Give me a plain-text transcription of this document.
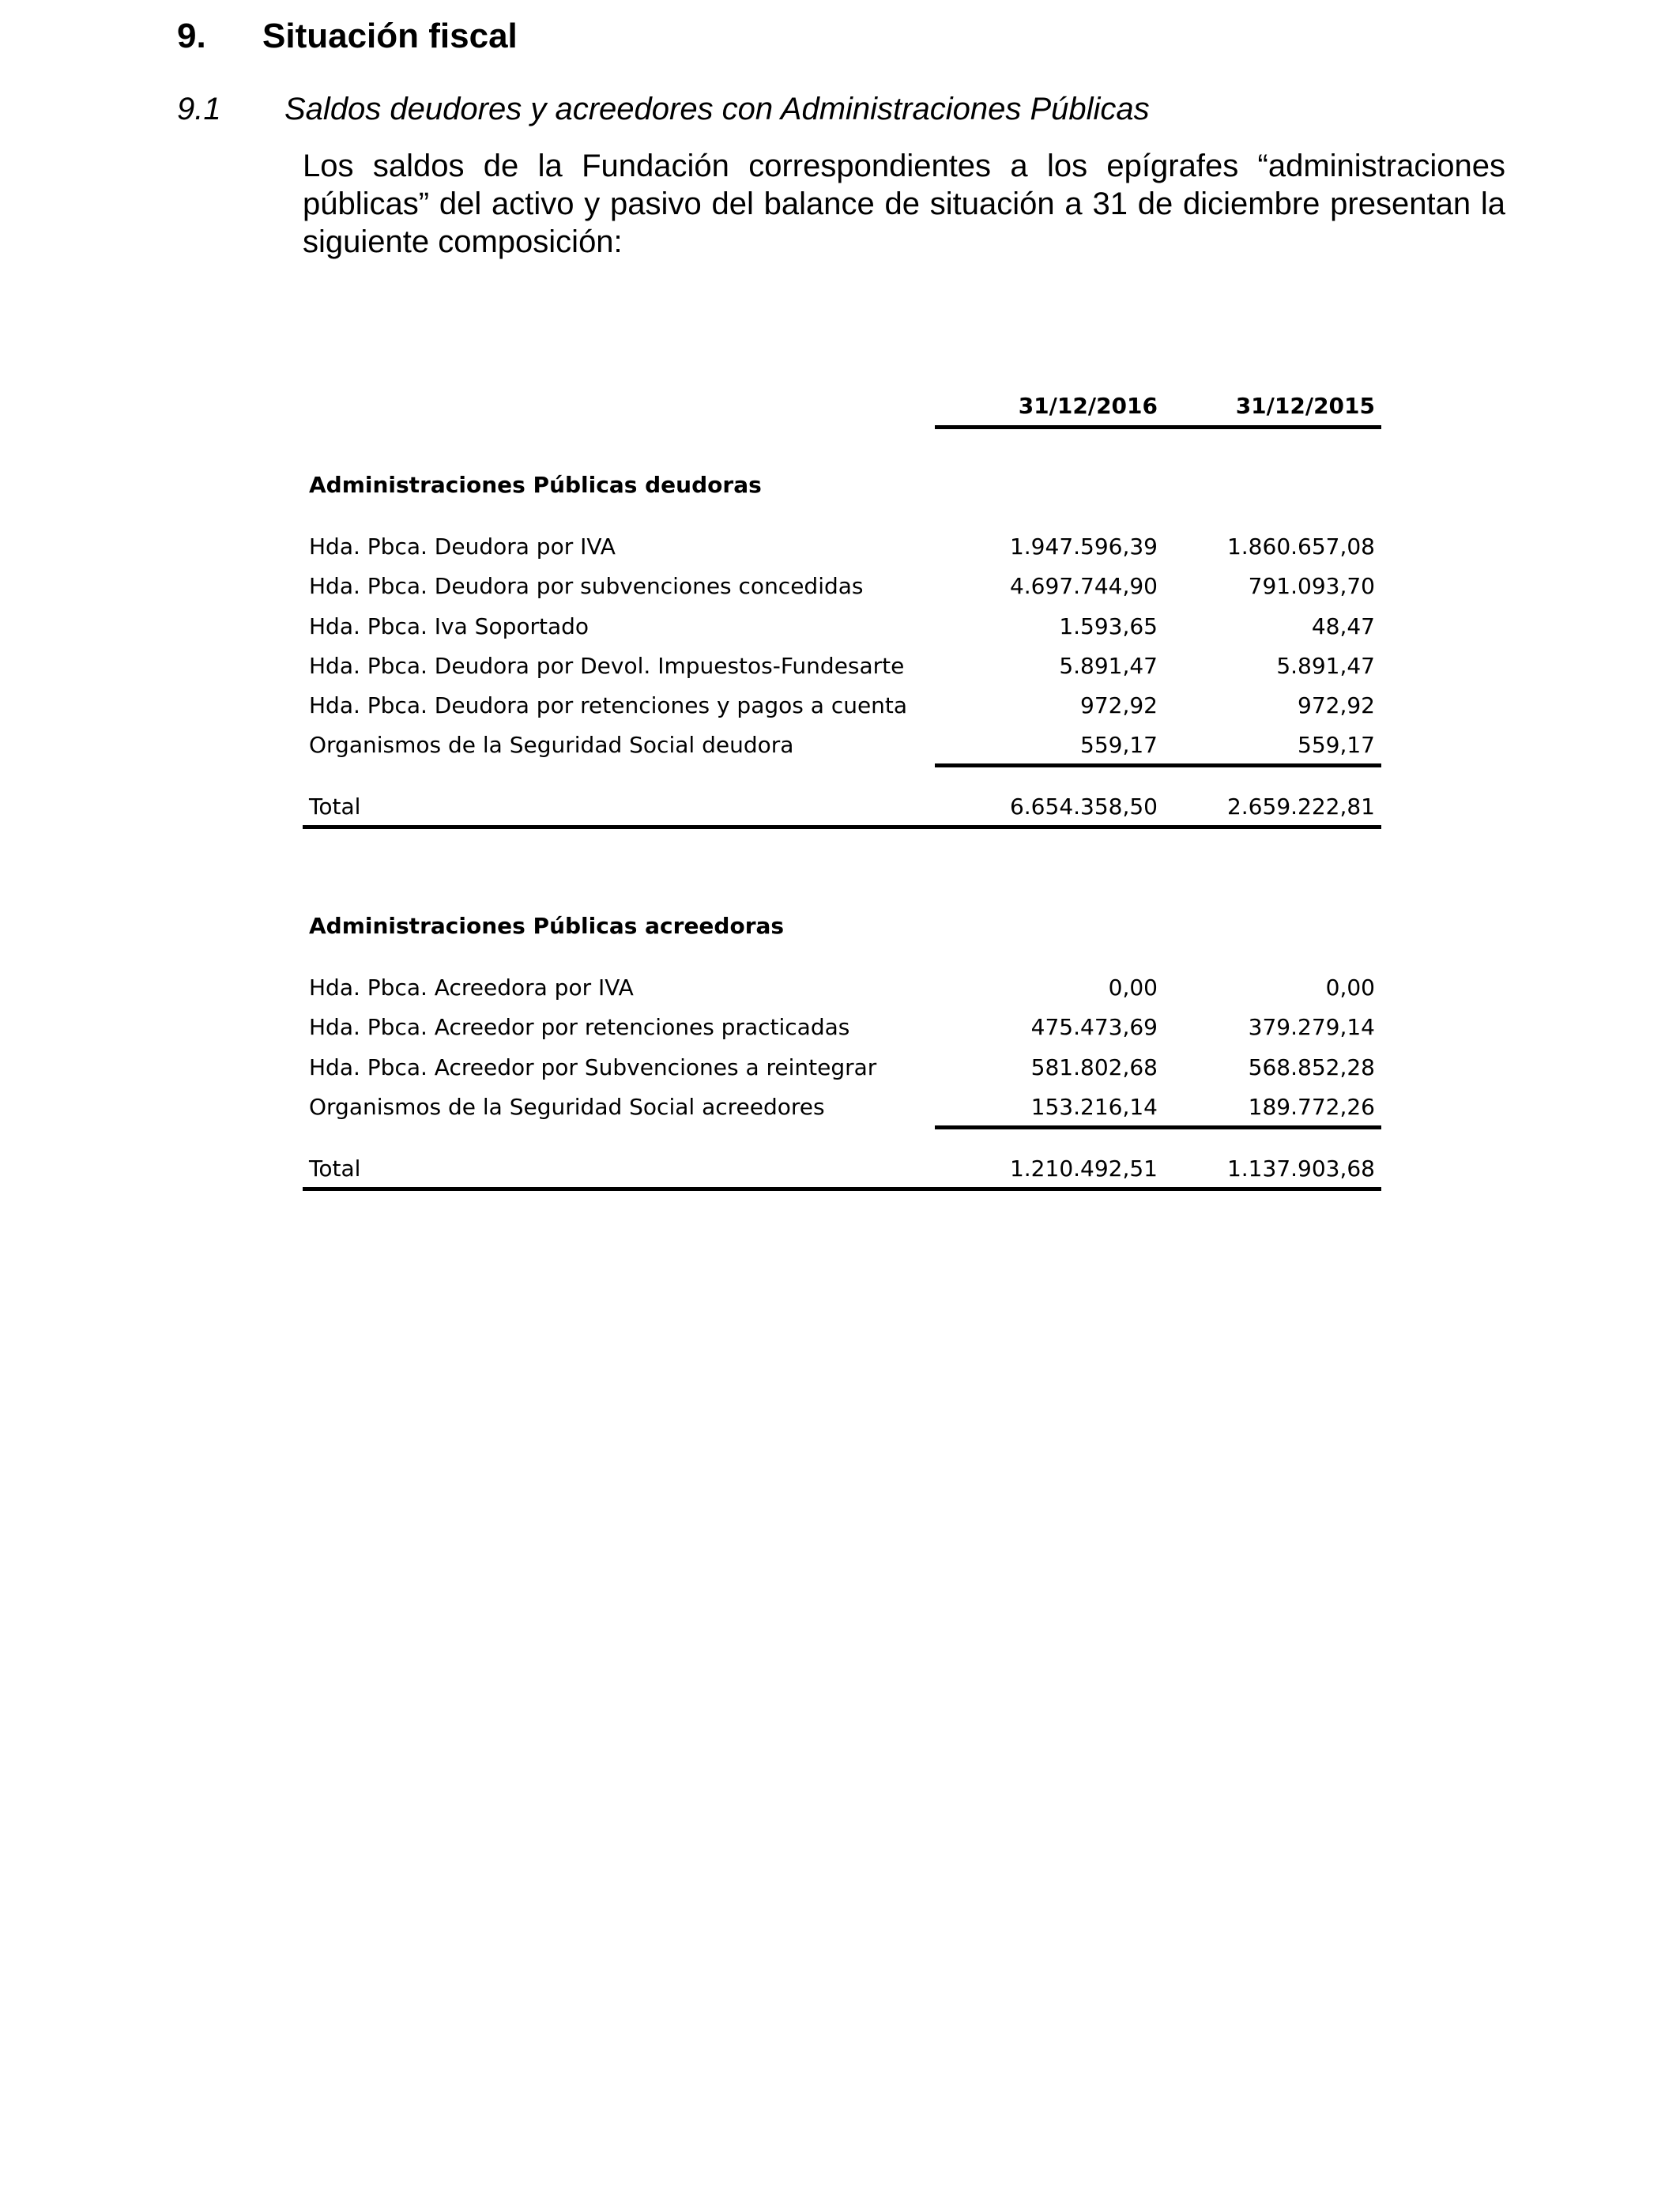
9. Situación fiscal
9.1 Saldos deudores y acreedores con Administraciones Públicas
Los saldos de la Fundación correspondientes a los epígrafes “administraciones públicas” del activo y pasivo del balance de situación a 31 de diciembre presentan la siguiente composición:
31/12/2016	31/12/2015
Administraciones Públicas deudoras
Hda. Pbca. Deudora por IVA	1.947.596,39	1.860.657,08
Hda. Pbca. Deudora por subvenciones concedidas	4.697.744,90	791.093,70
Hda. Pbca. Iva Soportado	1.593,65	48,47
Hda. Pbca. Deudora por Devol. Impuestos-Fundesarte	5.891,47	5.891,47
Hda. Pbca. Deudora por retenciones y pagos a cuenta	972,92	972,92
Organismos de la Seguridad Social deudora	559,17	559,17
Total	6.654.358,50	2.659.222,81
Administraciones Públicas acreedoras
Hda. Pbca. Acreedora por IVA	0,00	0,00
Hda. Pbca. Acreedor por retenciones practicadas	475.473,69	379.279,14
Hda. Pbca. Acreedor por Subvenciones a reintegrar	581.802,68	568.852,28
Organismos de la Seguridad Social acreedores	153.216,14	189.772,26
Total	1.210.492,51	1.137.903,68
